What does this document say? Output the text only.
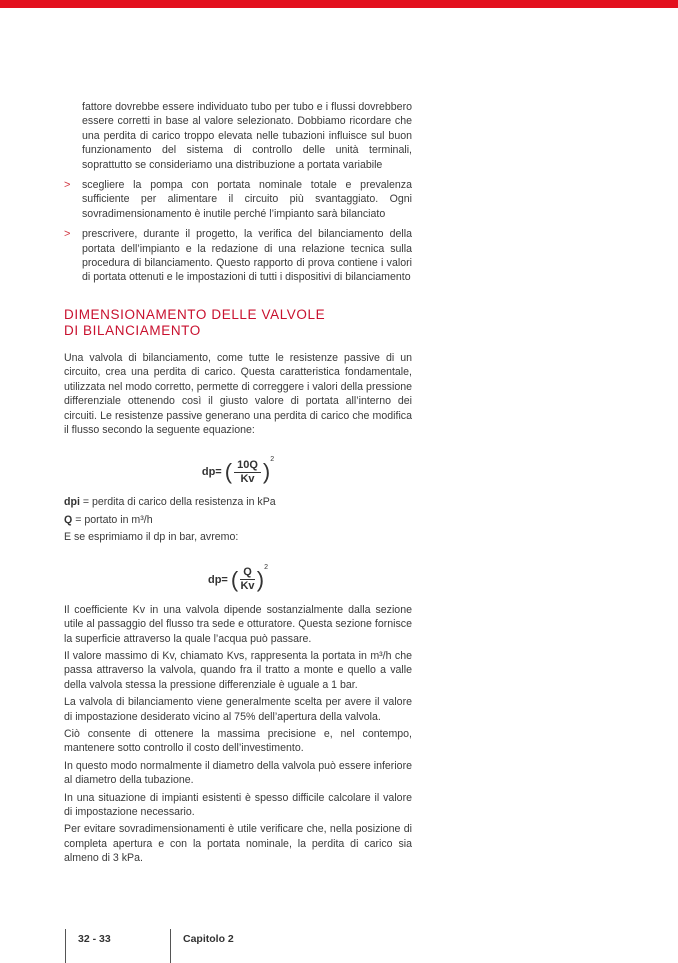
fattore dovrebbe essere individuato tubo per tubo e i flussi dovrebbero essere corretti in base al valore selezionato. Dobbiamo ricordare che una perdita di carico troppo elevata nelle tubazioni influisce sul buon funzionamento del sistema di controllo delle unità terminali, soprattutto se consideriamo una distribuzione a portata variabile

>	scegliere la pompa con portata nominale totale e prevalenza sufficiente per alimentare il circuito più svantaggiato. Ogni sovradimensionamento è inutile perché l’impianto sarà bilanciato

>	prescrivere, durante il progetto, la verifica del bilanciamento della portata dell’impianto e la redazione di una relazione tecnica sulla procedura di bilanciamento. Questo rapporto di prova contiene i valori di portata ottenuti e le impostazioni di tutti i dispositivi di bilanciamento

DIMENSIONAMENTO DELLE VALVOLE
DI BILANCIAMENTO

Una valvola di bilanciamento, come tutte le resistenze passive di un circuito, crea una perdita di carico. Questa caratteristica fondamentale, utilizzata nel modo corretto, permette di correggere i valori della pressione differenziale ottenendo così il giusto valore di portata all’interno dei circuiti. Le resistenze passive generano una perdita di carico che modifica il flusso secondo la seguente equazione:

dp= ( $\frac{10Q}{Kv} )^2$

dpi = perdita di carico della resistenza in kPa

Q = portato in m³/h

E se esprimiamo il dp in bar, avremo:

dp= ( $\frac{Q}{Kv} )^2$

Il coefficiente Kv in una valvola dipende sostanzialmente dalla sezione utile al passaggio del flusso tra sede e otturatore. Questa sezione fornisce la superficie attraverso la quale l’acqua può passare.

Il valore massimo di Kv, chiamato Kvs, rappresenta la portata in m³/h che passa attraverso la valvola, quando fra il tratto a monte e quello a valle della valvola stessa la pressione differenziale è uguale a 1 bar.

La valvola di bilanciamento viene generalmente scelta per avere il valore di impostazione desiderato vicino al 75% dell’apertura della valvola.

Ciò consente di ottenere la massima precisione e, nel contempo, mantenere sotto controllo il costo dell’investimento.

In questo modo normalmente il diametro della valvola può essere inferiore al diametro della tubazione.

In una situazione di impianti esistenti è spesso difficile calcolare il valore di impostazione necessario.

Per evitare sovradimensionamenti è utile verificare che, nella posizione di completa apertura e con la portata nominale, la perdita di carico sia almeno di 3 kPa.

32 - 33	Capitolo 2
